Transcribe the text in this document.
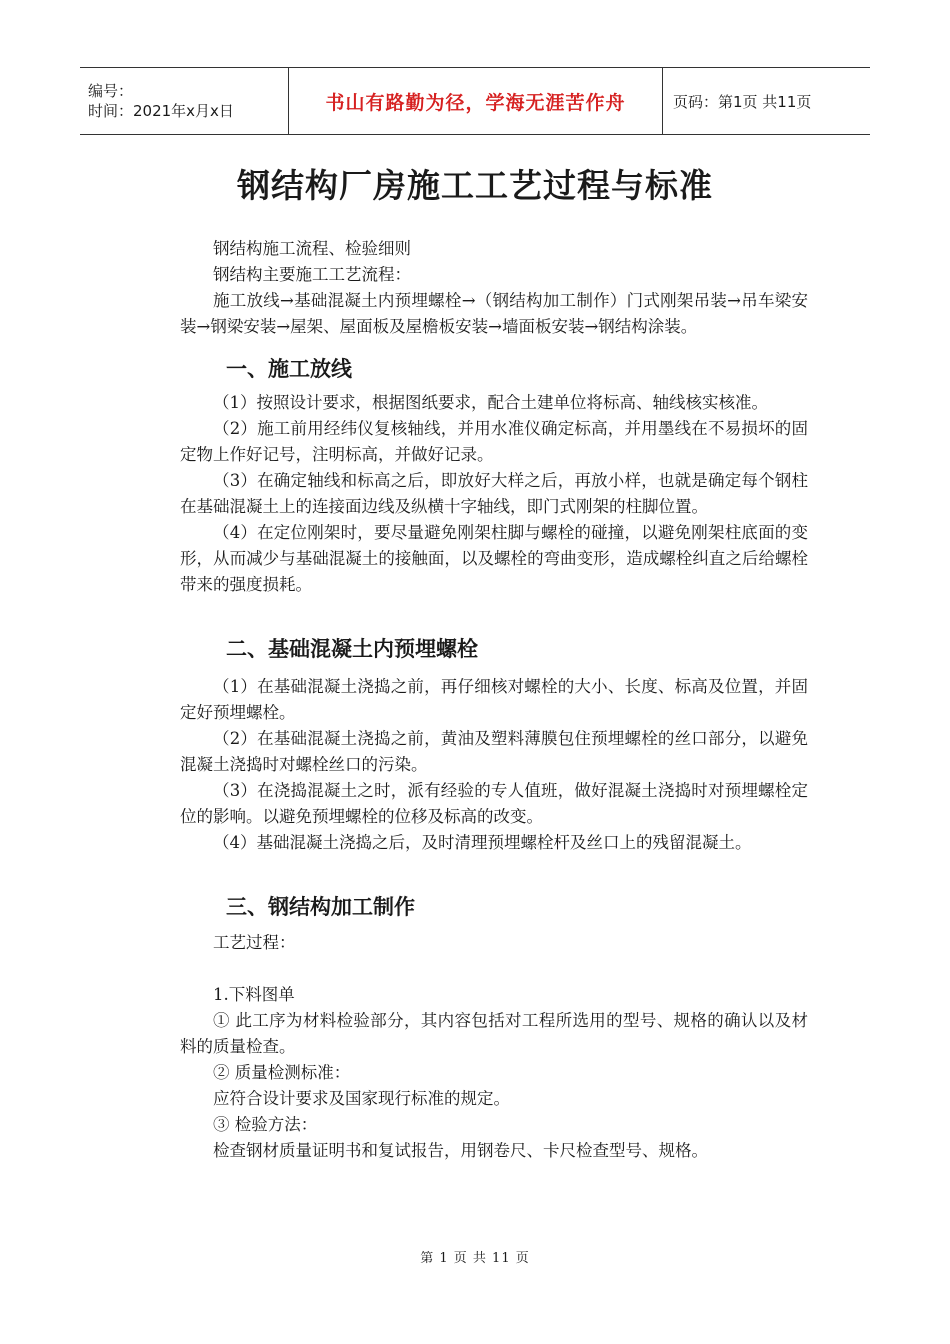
编号：
时间：2021年x月x日	书山有路勤为径，学海无涯苦作舟	页码：第1页 共11页
钢结构厂房施工工艺过程与标准

钢结构施工流程、检验细则

钢结构主要施工工艺流程：

施工放线→基础混凝土内预埋螺栓→（钢结构加工制作）门式刚架吊装→吊车梁安装→钢梁安装→屋架、屋面板及屋檐板安装→墙面板安装→钢结构涂装。

一、施工放线

（1）按照设计要求，根据图纸要求，配合土建单位将标高、轴线核实核准。

（2）施工前用经纬仪复核轴线，并用水准仪确定标高，并用墨线在不易损坏的固定物上作好记号，注明标高，并做好记录。

（3）在确定轴线和标高之后，即放好大样之后，再放小样，也就是确定每个钢柱在基础混凝土上的连接面边线及纵横十字轴线，即门式刚架的柱脚位置。

（4）在定位刚架时，要尽量避免刚架柱脚与螺栓的碰撞，以避免刚架柱底面的变形，从而减少与基础混凝土的接触面，以及螺栓的弯曲变形，造成螺栓纠直之后给螺栓带来的强度损耗。

二、基础混凝土内预埋螺栓

（1）在基础混凝土浇捣之前，再仔细核对螺栓的大小、长度、标高及位置，并固定好预埋螺栓。

（2）在基础混凝土浇捣之前，黄油及塑料薄膜包住预埋螺栓的丝口部分，以避免混凝土浇捣时对螺栓丝口的污染。

（3）在浇捣混凝土之时，派有经验的专人值班，做好混凝土浇捣时对预埋螺栓定位的影响。以避免预埋螺栓的位移及标高的改变。

（4）基础混凝土浇捣之后，及时清理预埋螺栓杆及丝口上的残留混凝土。

三、钢结构加工制作

工艺过程：

1.下料图单

① 此工序为材料检验部分，其内容包括对工程所选用的型号、规格的确认以及材料的质量检查。

② 质量检测标准：

应符合设计要求及国家现行标准的规定。

③ 检验方法：

检查钢材质量证明书和复试报告，用钢卷尺、卡尺检查型号、规格。

第 1 页 共 11 页
